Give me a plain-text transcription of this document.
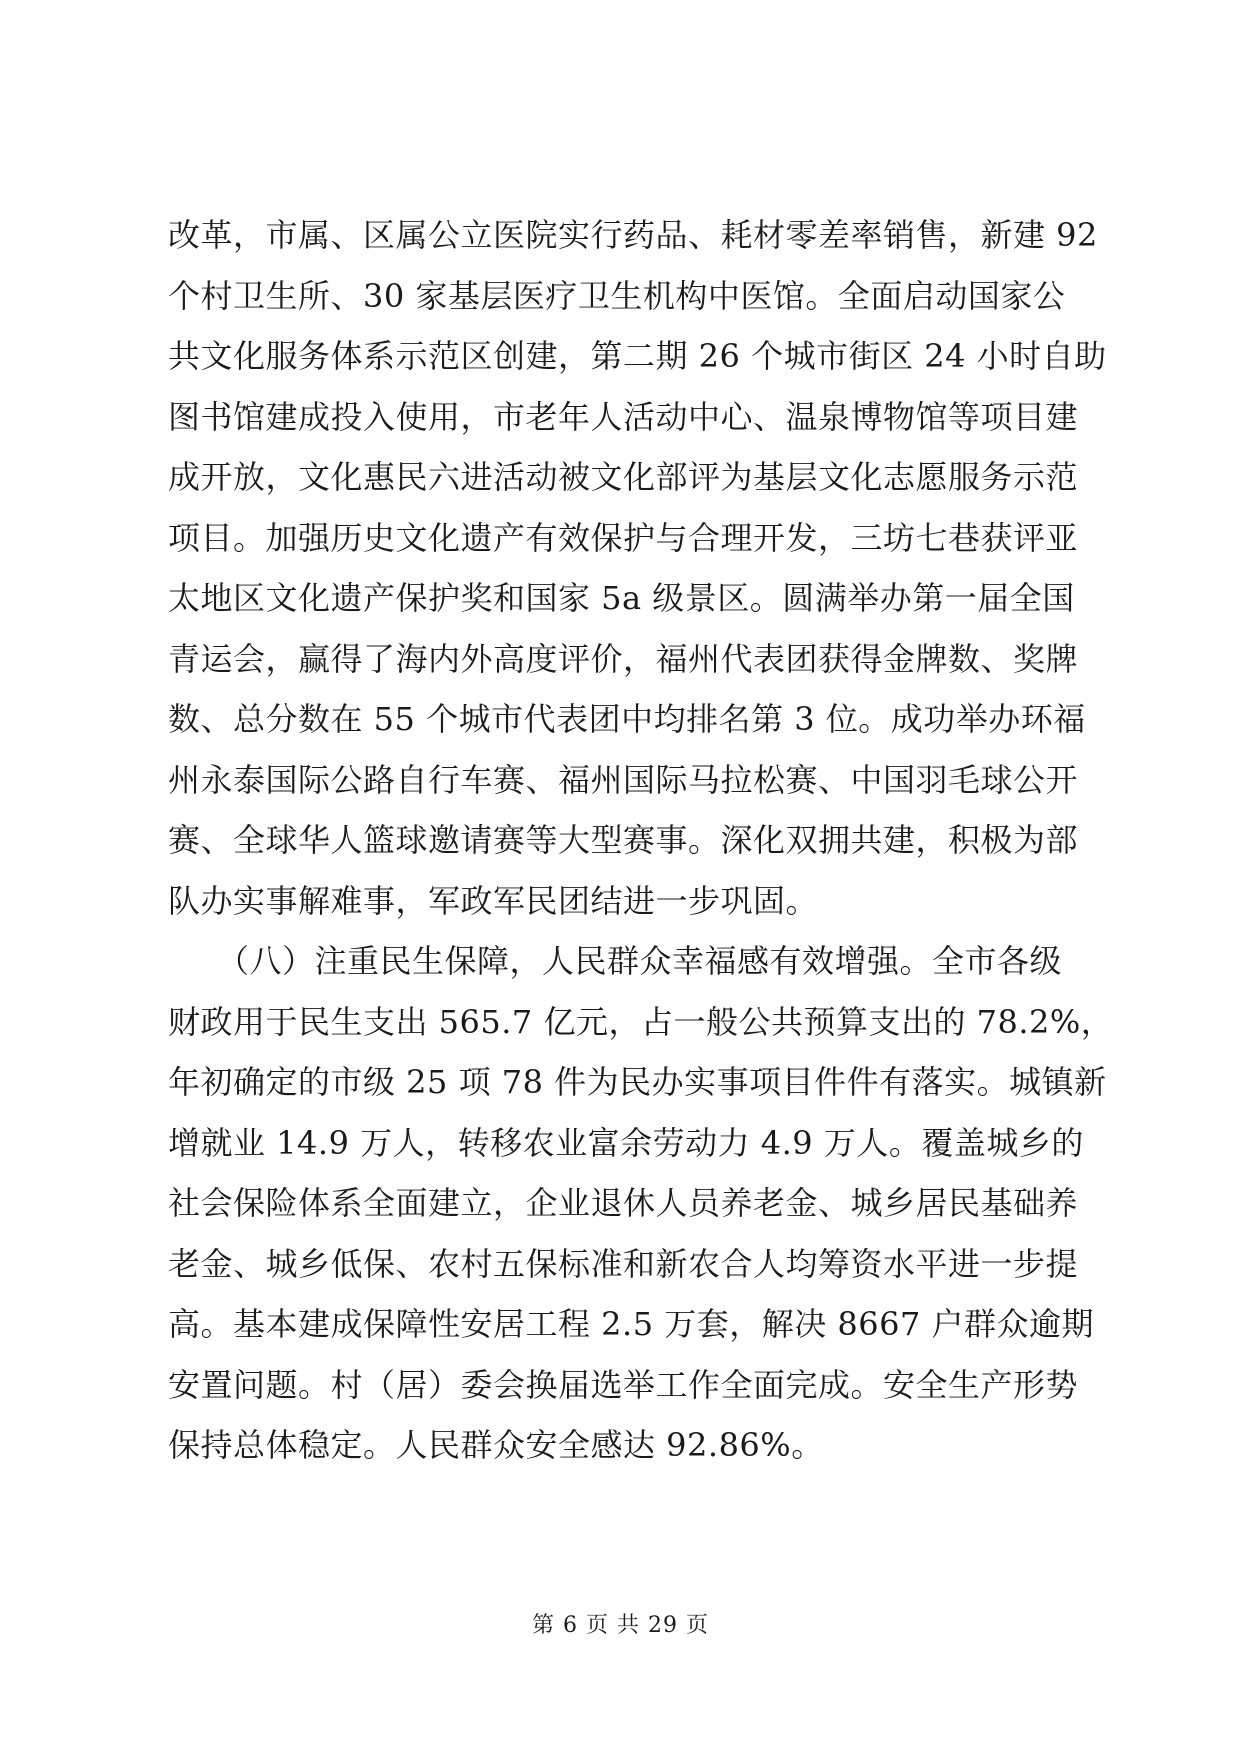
改革，市属、区属公立医院实行药品、耗材零差率销售，新建 92
个村卫生所、30 家基层医疗卫生机构中医馆。全面启动国家公
共文化服务体系示范区创建，第二期 26 个城市街区 24 小时自助
图书馆建成投入使用，市老年人活动中心、温泉博物馆等项目建
成开放，文化惠民六进活动被文化部评为基层文化志愿服务示范
项目。加强历史文化遗产有效保护与合理开发，三坊七巷获评亚
太地区文化遗产保护奖和国家 5a 级景区。圆满举办第一届全国
青运会，赢得了海内外高度评价，福州代表团获得金牌数、奖牌
数、总分数在 55 个城市代表团中均排名第 3 位。成功举办环福
州永泰国际公路自行车赛、福州国际马拉松赛、中国羽毛球公开
赛、全球华人篮球邀请赛等大型赛事。深化双拥共建，积极为部
队办实事解难事，军政军民团结进一步巩固。
　　（八）注重民生保障，人民群众幸福感有效增强。全市各级
财政用于民生支出 565.7 亿元，占一般公共预算支出的 78.2%，
年初确定的市级 25 项 78 件为民办实事项目件件有落实。城镇新
增就业 14.9 万人，转移农业富余劳动力 4.9 万人。覆盖城乡的
社会保险体系全面建立，企业退休人员养老金、城乡居民基础养
老金、城乡低保、农村五保标准和新农合人均筹资水平进一步提
高。基本建成保障性安居工程 2.5 万套，解决 8667 户群众逾期
安置问题。村（居）委会换届选举工作全面完成。安全生产形势
保持总体稳定。人民群众安全感达 92.86%。
第 6 页 共 29 页
